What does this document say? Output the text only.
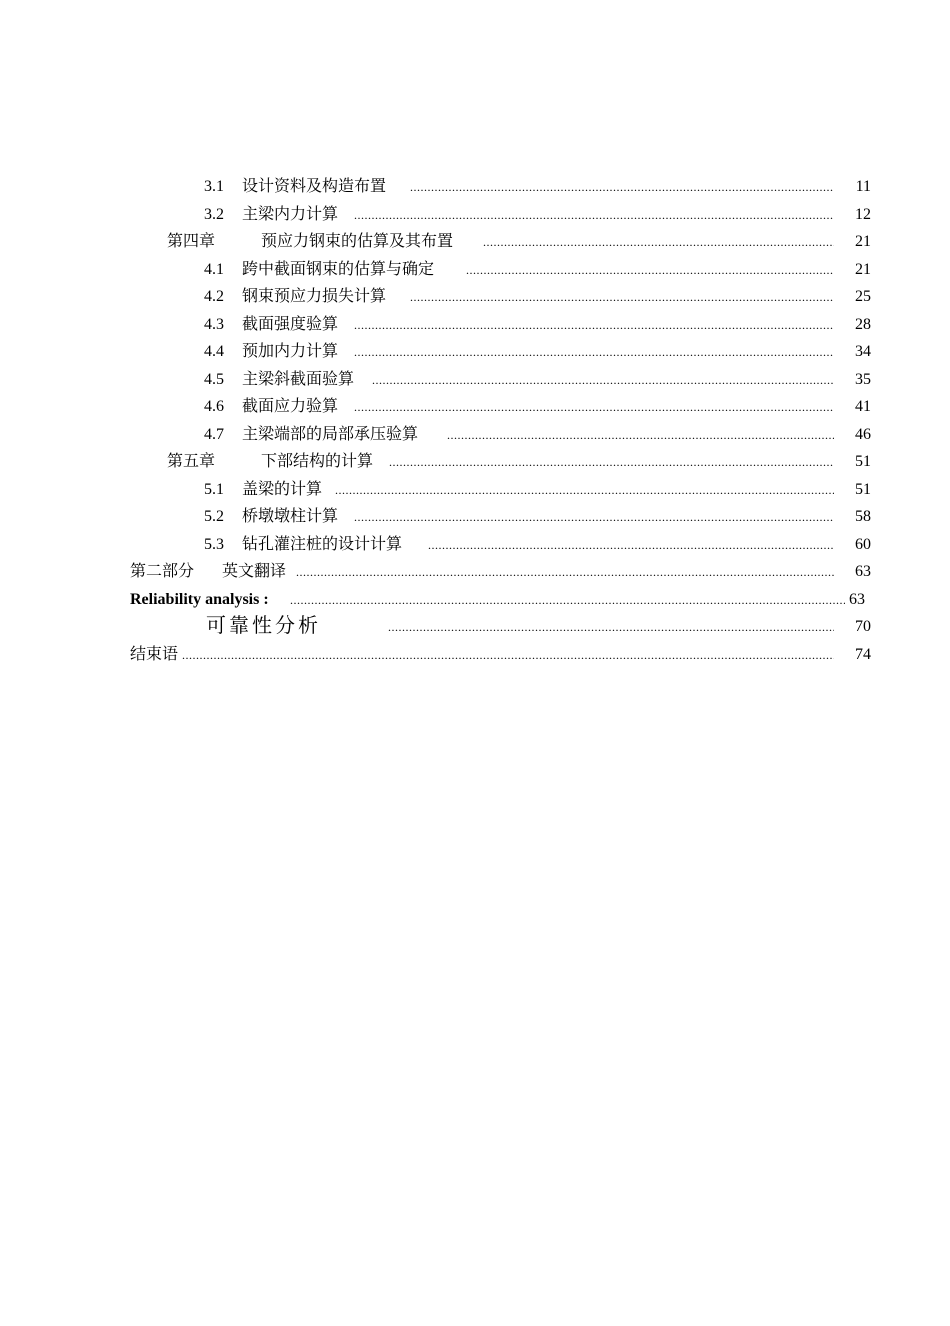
3.1 设计资料及构造布置 .....	11
3.2 主梁内力计算 .....	12
第四章	预应力钢束的估算及其布置 .....	21
4.1 跨中截面钢束的估算与确定 .....	21
4.2 钢束预应力损失计算 .....	25
4.3 截面强度验算 .....	28
4.4 预加内力计算 .....	34
4.5 主梁斜截面验算 .....	35
4.6 截面应力验算 .....	41
4.7 主梁端部的局部承压验算 .....	46
第五章	下部结构的计算 .....	51
5.1 盖梁的计算 .....	51
5.2 桥墩墩柱计算 .....	58
5.3 钻孔灌注桩的设计计算 .....	60
第二部分 英文翻译 .....	63
Reliability analysis : .....	63
可靠性分析 .....	70
结束语 .....	74
